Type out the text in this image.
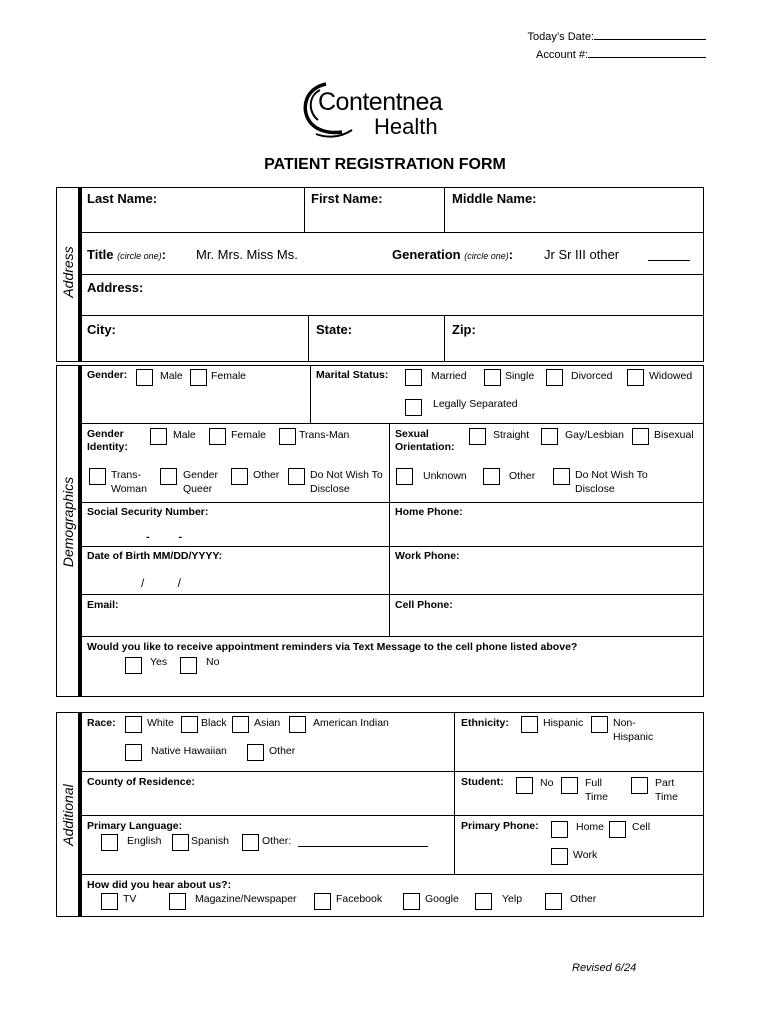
Today’s Date:
Account #:
Contentnea
Health
PATIENT REGISTRATION FORM
Address
Last Name:	First Name:	Middle Name:
Title (circle one): Mr. Mrs. Miss Ms.	Generation (circle one): Jr Sr III other
Address:
City:	State:	Zip:
Demographics
Gender:	Male	Female	Marital Status:	Married	Single	Divorced	Widowed
Legally Separated
Gender Identity:
Male	Female	Trans-Man
Trans- Woman
Gender Queer
Other	Do Not Wish To Disclose
Sexual Orientation:
Straight	Gay/Lesbian	Bisexual
Unknown	Other	Do Not Wish To Disclose
Social Security Number:
-          -
Home Phone:
Date of Birth MM/DD/YYYY:
/          /
Work Phone:
Email:	Cell Phone:
Would you like to receive appointment reminders via Text Message to the cell phone listed above?
Yes	No
Additional
Race:	White	Black	Asian	American Indian
Native Hawaiian	Other
Ethnicity:	Hispanic	Non- Hispanic
County of Residence:	Student:	No	Full Time
Part Time
Primary Language:
English	Spanish	Other:
Primary Phone:	Home	Cell
Work
How did you hear about us?:
TV	Magazine/Newspaper	Facebook	Google	Yelp	Other
Revised 6/24
